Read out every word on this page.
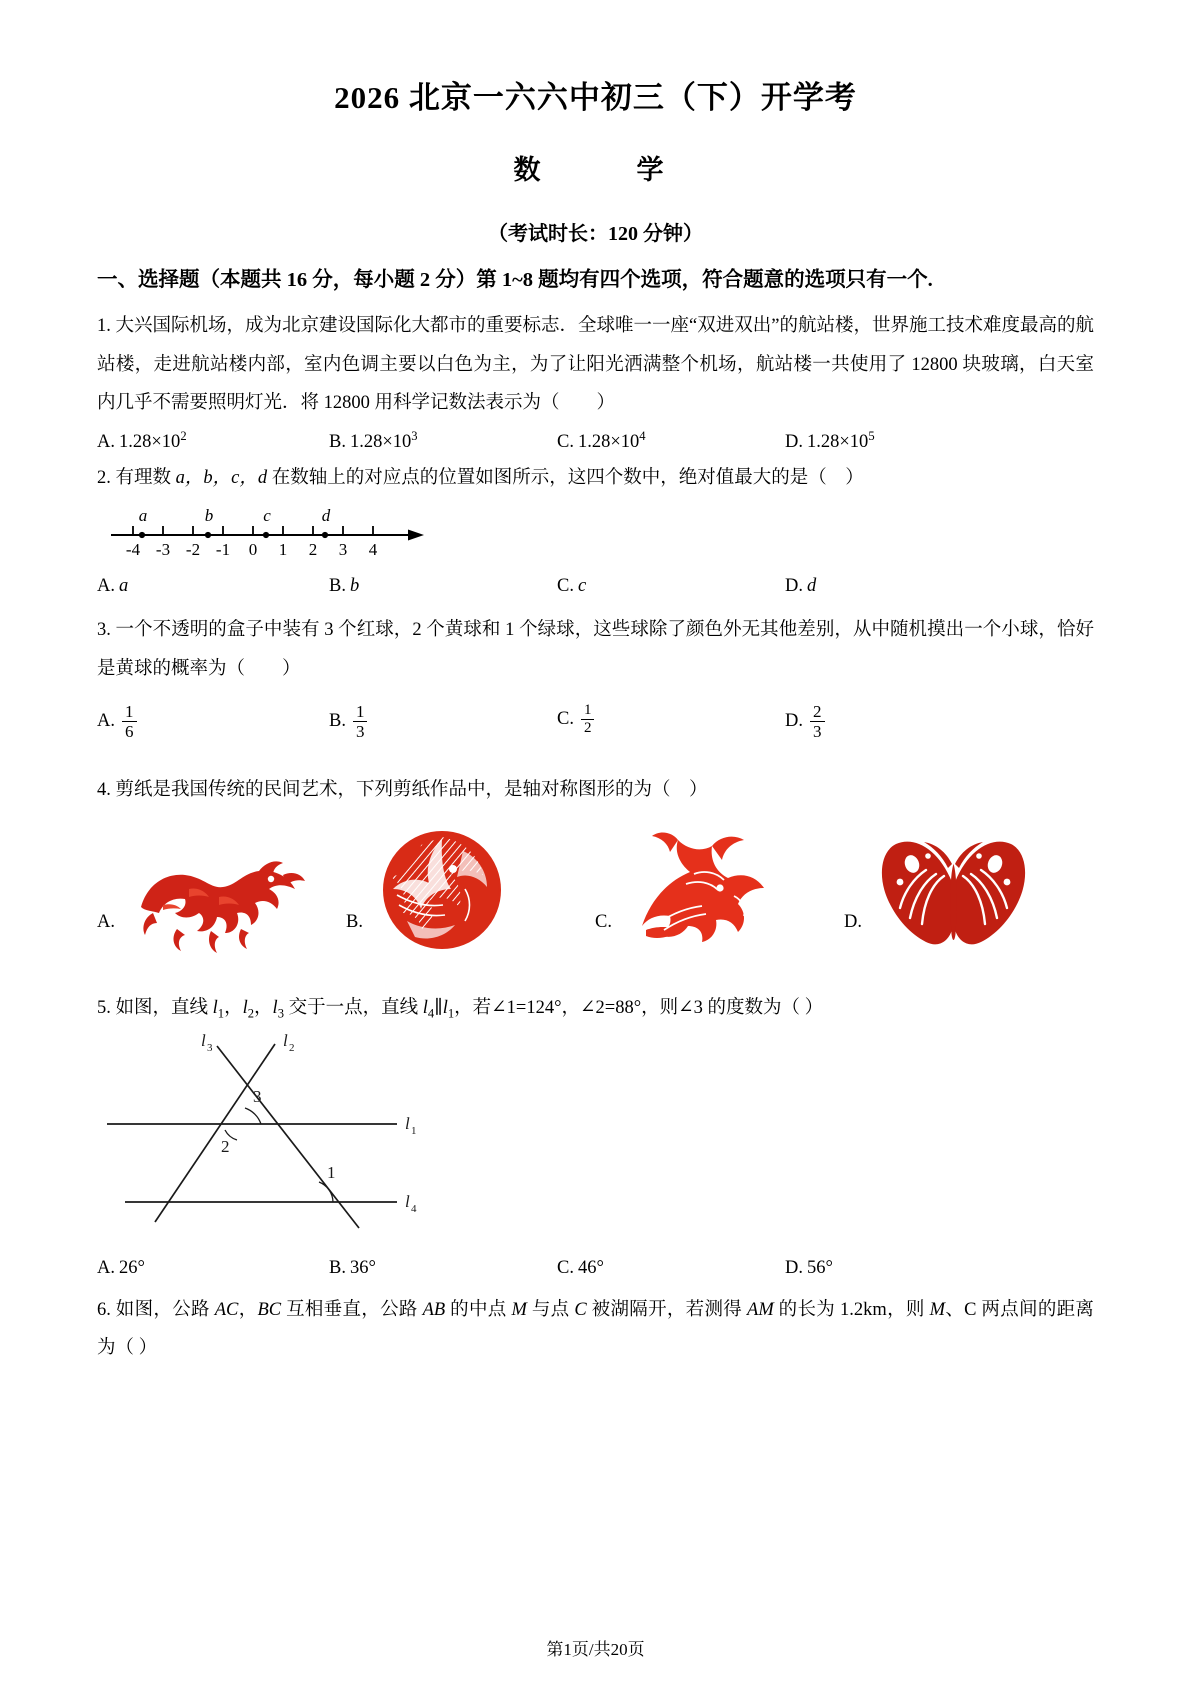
2026 北京一六六中初三（下）开学考
数　　学
（考试时长：120 分钟）
一、选择题（本题共 16 分，每小题 2 分）第 1~8 题均有四个选项，符合题意的选项只有一个.
1. 大兴国际机场，成为北京建设国际化大都市的重要标志．全球唯一一座“双进双出”的航站楼，世界施工技术难度最高的航站楼，走进航站楼内部，室内色调主要以白色为主，为了让阳光洒满整个机场，航站楼一共使用了 12800 块玻璃，白天室内几乎不需要照明灯光．将 12800 用科学记数法表示为（　　）
A. $1.28\times 10^2$	B. $1.28\times 10^3$	C. $1.28\times 10^4$	D. $1.28\times 10^5$
2. 有理数 a，b，c，d 在数轴上的对应点的位置如图所示，这四个数中，绝对值最大的是（　）
-4 -3 -2 -1 0 1 2 3 4
a	b	c	d
A. a	B. b	C. c	D. d
3. 一个不透明的盒子中装有 3 个红球，2 个黄球和 1 个绿球，这些球除了颜色外无其他差别，从中随机摸出一个小球，恰好是黄球的概率为（　　）
A. $\frac{1}{6}$	B. $\frac{1}{3}$	C. $\frac{1}{2}$	D. $\frac{2}{3}$
4. 剪纸是我国传统的民间艺术，下列剪纸作品中，是轴对称图形的为（　）
A.	B.	C.	D.
5. 如图，直线 $l_1$，$l_2$，$l_3$ 交于一点，直线 $l_4\parallel l_1$，若∠1=124°，∠2=88°，则∠3 的度数为（ ）
l 3	l 2
l 1
l 4
3
2
1
A. 26°	B. 36°	C. 46°	D. 56°
6. 如图，公路 AC，BC 互相垂直，公路 AB 的中点 M 与点 C 被湖隔开，若测得 AM 的长为 1.2km，则 M、C 两点间的距离为（ ）
第1页/共20页
